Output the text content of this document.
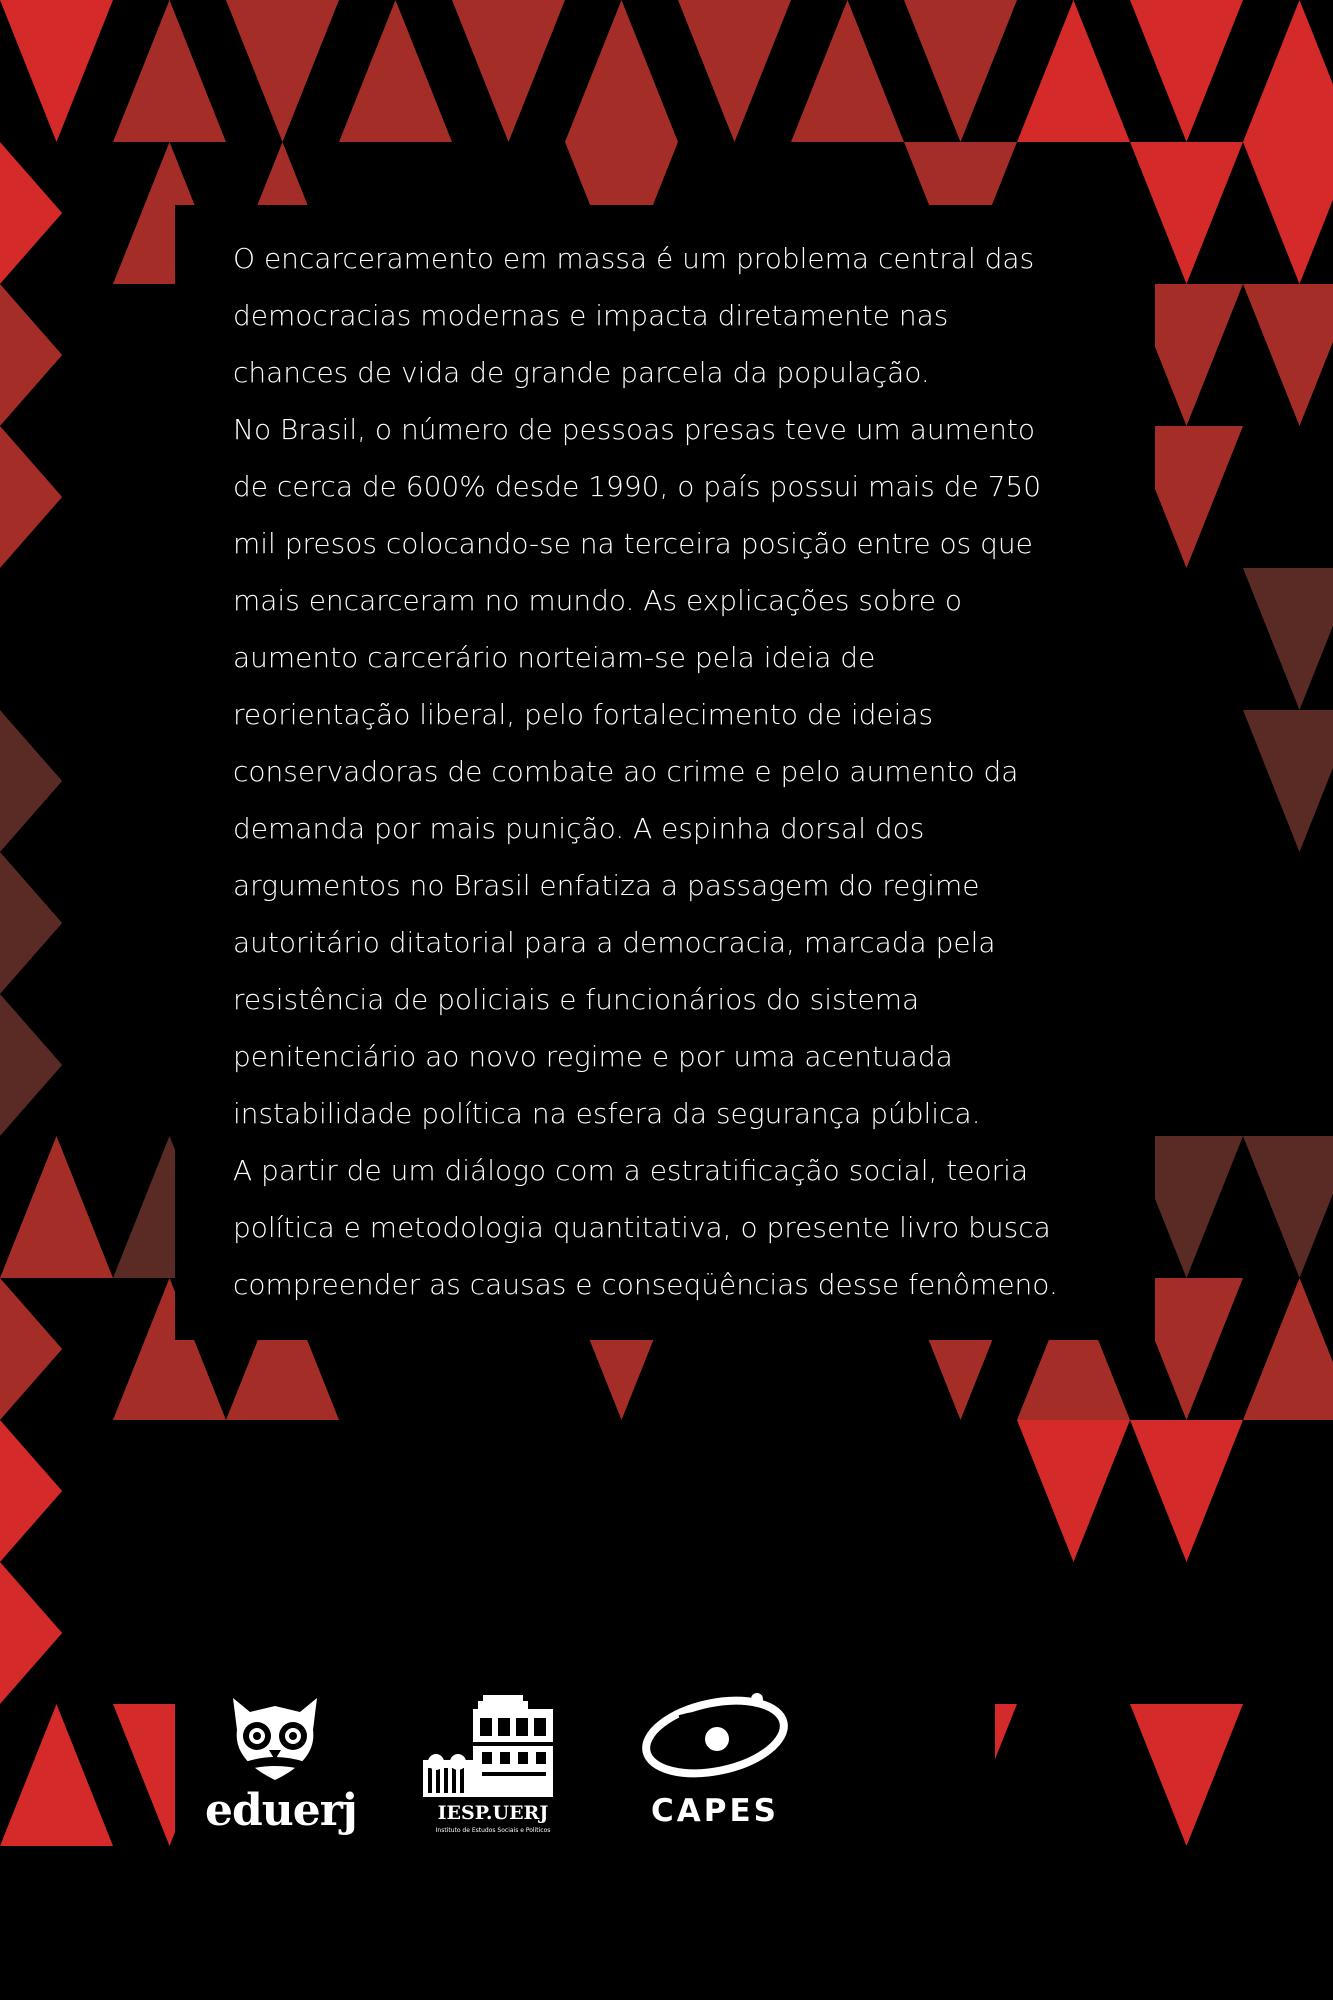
O encarceramento em massa é um problema central das

democracias modernas e impacta diretamente nas

chances de vida de grande parcela da população.

No Brasil, o número de pessoas presas teve um aumento

de cerca de 600% desde 1990, o país possui mais de 750

mil presos colocando-se na terceira posição entre os que

mais encarceram no mundo. As explicações sobre o

aumento carcerário norteiam-se pela ideia de

reorientação liberal, pelo fortalecimento de ideias

conservadoras de combate ao crime e pelo aumento da

demanda por mais punição. A espinha dorsal dos

argumentos no Brasil enfatiza a passagem do regime

autoritário ditatorial para a democracia, marcada pela

resistência de policiais e funcionários do sistema

penitenciário ao novo regime e por uma acentuada

instabilidade política na esfera da segurança pública.

A partir de um diálogo com a estratificação social, teoria

política e metodologia quantitativa, o presente livro busca

compreender as causas e conseqüências desse fenômeno.

eduerj	IESP.UERJ
Instituto de Estudos Sociais e Políticos
CAPES
